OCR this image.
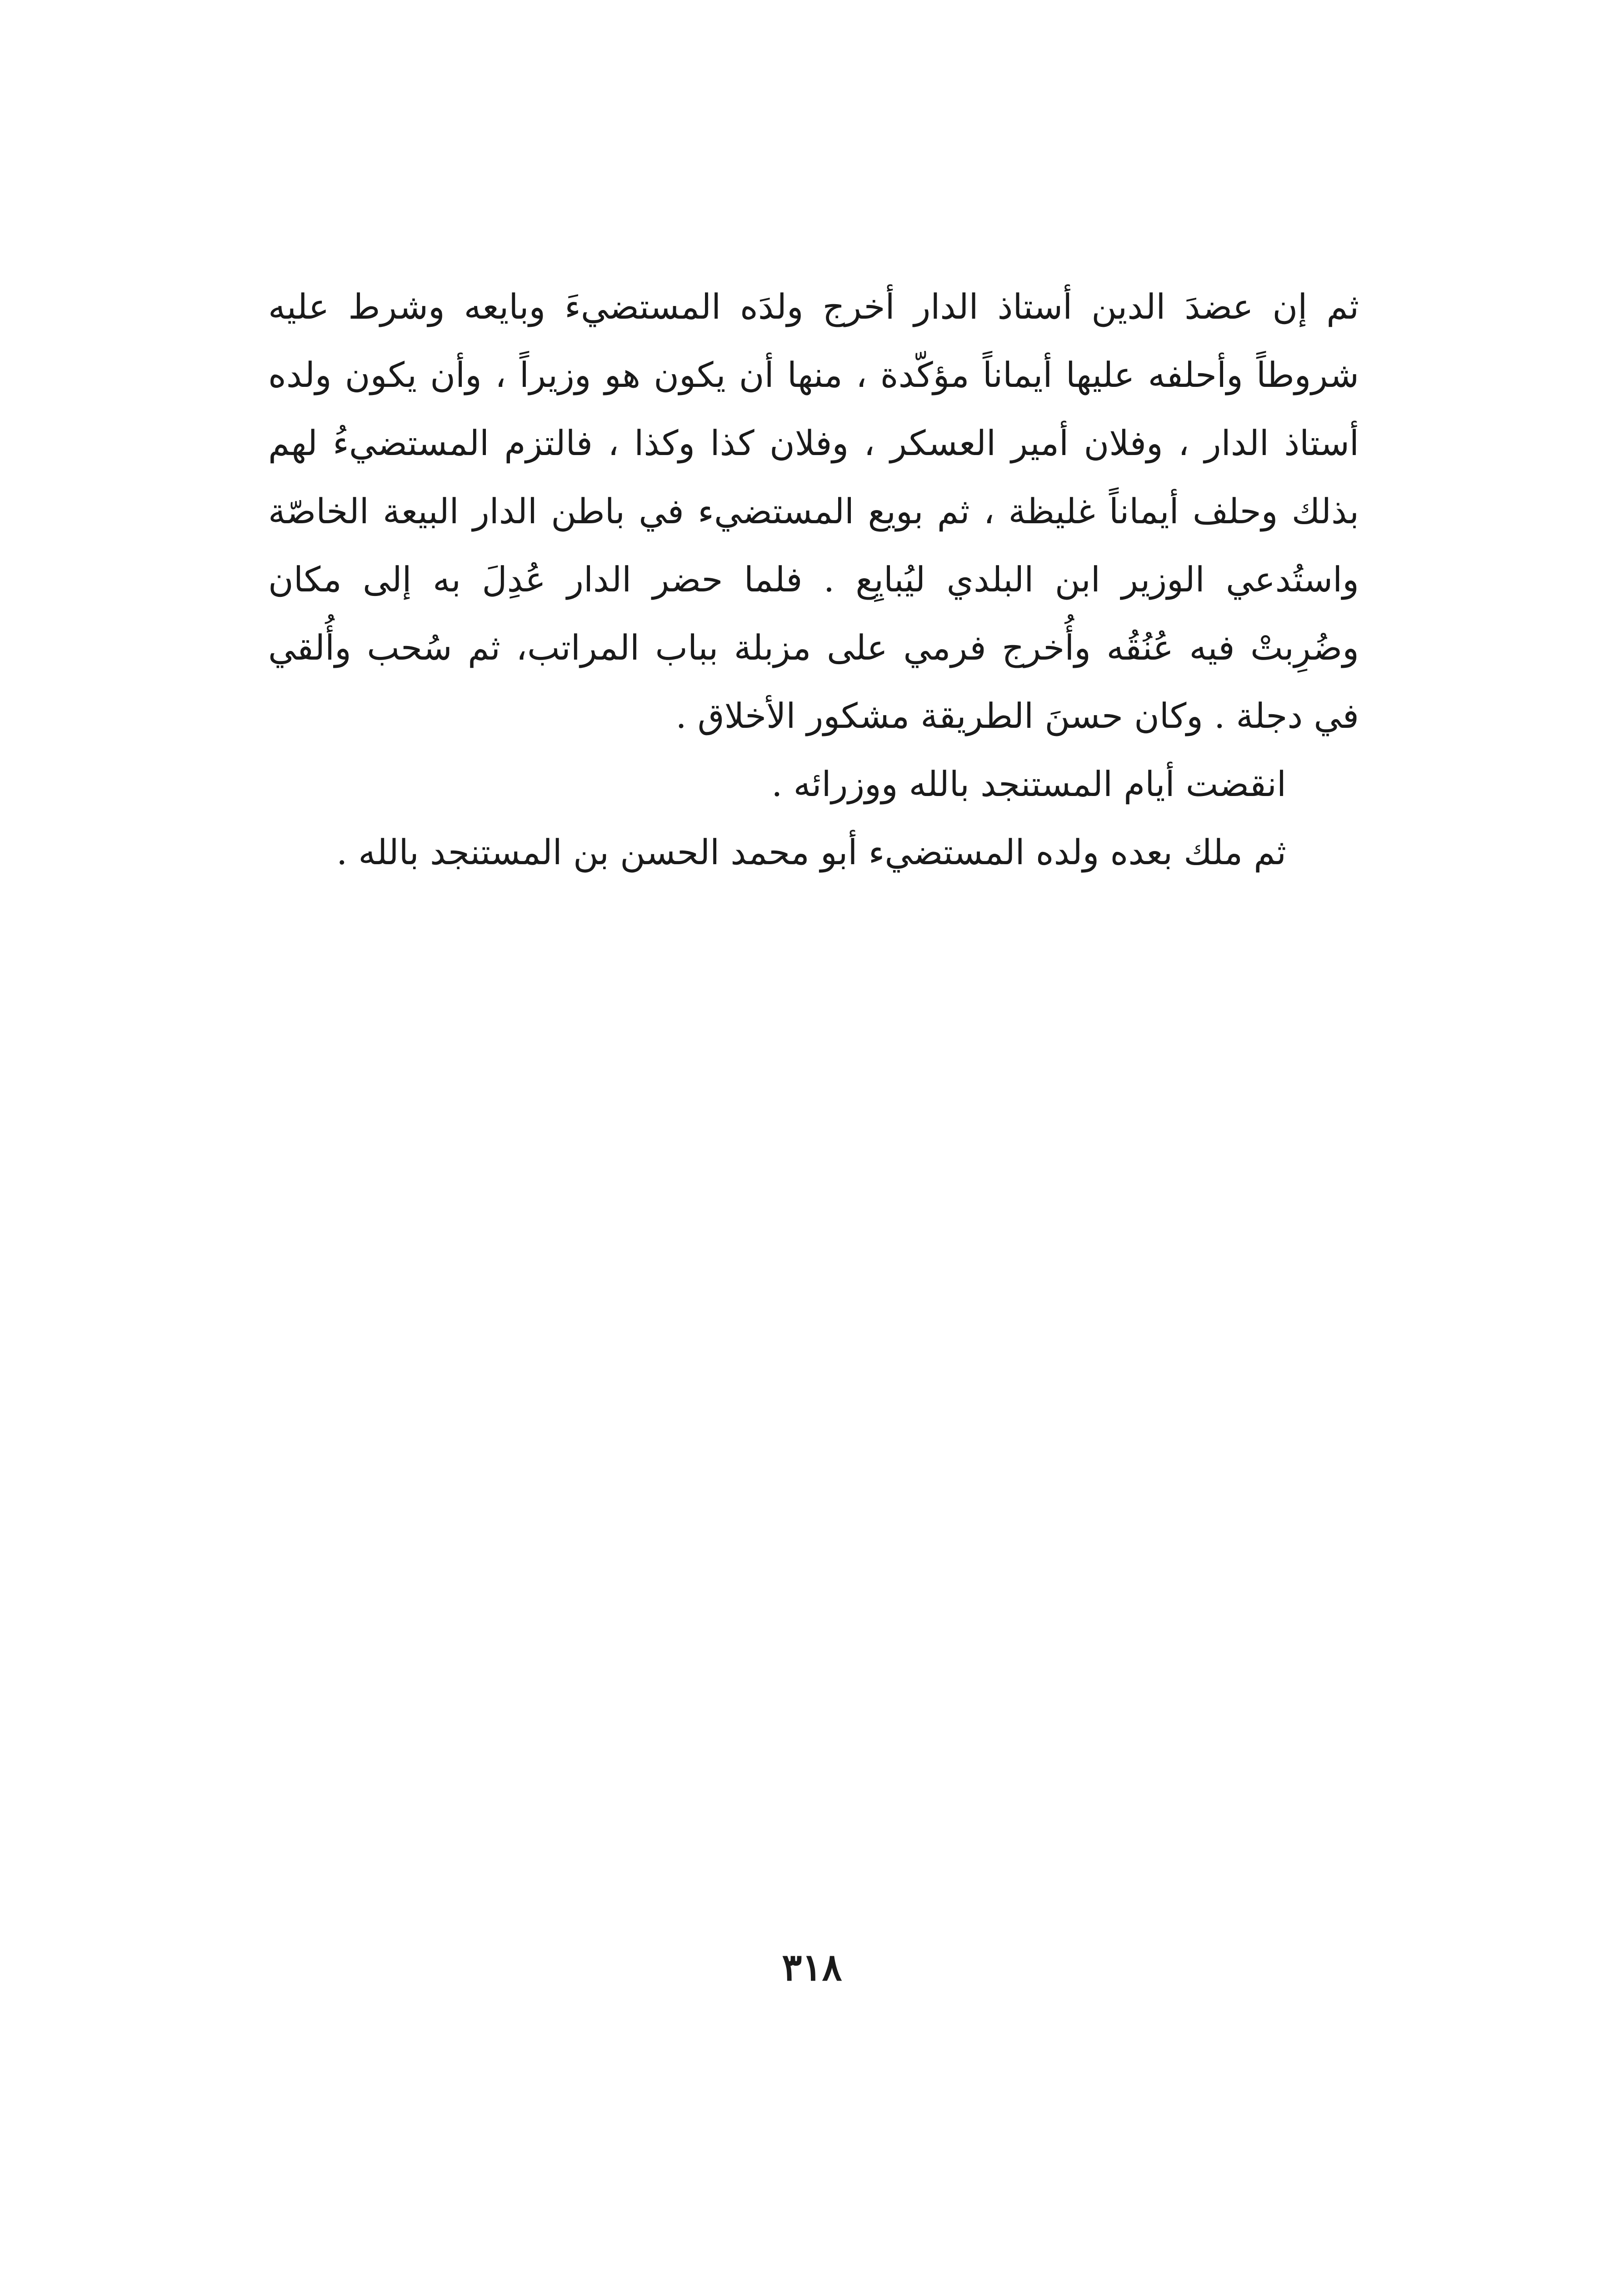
ثم إن عضدَ الدين أستاذ الدار أخرج ولدَه المستضيءَ وبايعه وشرط عليه
شروطاً وأحلفه عليها أيماناً مؤكّدة ، منها أن يكون هو وزيراً ، وأن يكون ولده
أستاذ الدار ، وفلان أمير العسكر ، وفلان كذا وكذا ، فالتزم المستضيءُ لهم
بذلك وحلف أيماناً غليظة ، ثم بويع المستضيء في باطن الدار البيعة الخاصّة
واستُدعي الوزير ابن البلدي ليُبايِع . فلما حضر الدار عُدِلَ به إلى مكان
وضُرِبتْ فيه عُنُقُه وأُخرج فرمي على مزبلة بباب المراتب، ثم سُحب وأُلقي
في دجلة . وكان حسنَ الطريقة مشكور الأخلاق .
انقضت أيام المستنجد بالله ووزرائه .
ثم ملك بعده ولده المستضيء أبو محمد الحسن بن المستنجد بالله .
٣١٨
